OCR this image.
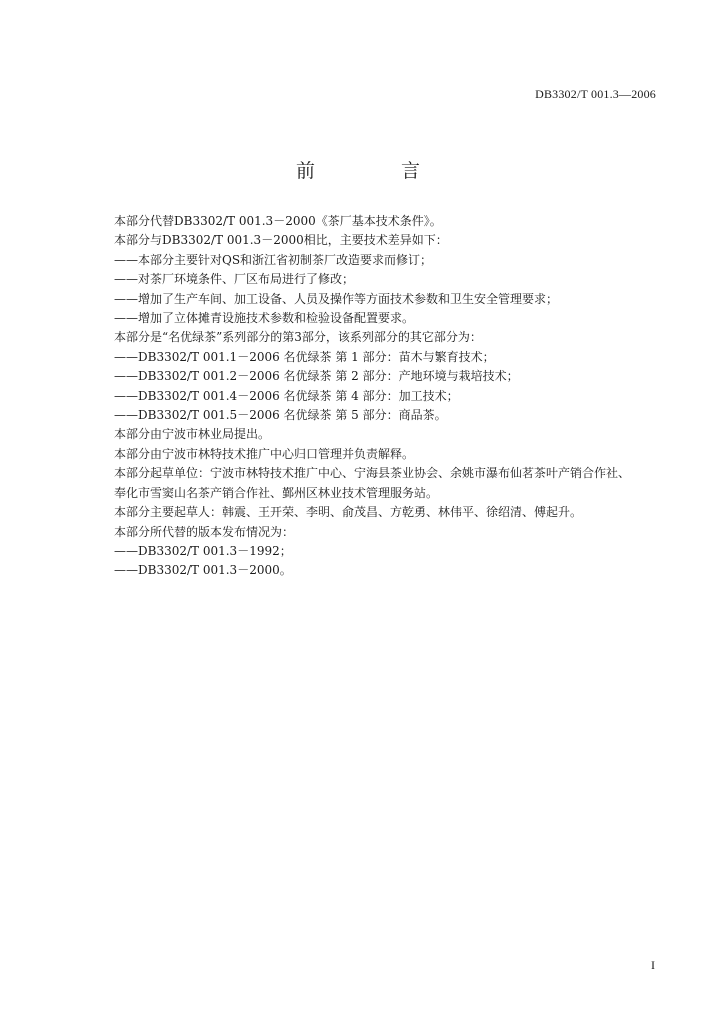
DB3302/T 001.3—2006
前 言
本部分代替DB3302/T 001.3－2000《茶厂基本技术条件》。
本部分与DB3302/T 001.3－2000相比，主要技术差异如下：
——本部分主要针对QS和浙江省初制茶厂改造要求而修订；
——对茶厂环境条件、厂区布局进行了修改；
——增加了生产车间、加工设备、人员及操作等方面技术参数和卫生安全管理要求；
——增加了立体摊青设施技术参数和检验设备配置要求。
本部分是“名优绿茶”系列部分的第3部分，该系列部分的其它部分为：
——DB3302/T 001.1－2006 名优绿茶 第 1 部分：苗木与繁育技术；
——DB3302/T 001.2－2006 名优绿茶 第 2 部分：产地环境与栽培技术；
——DB3302/T 001.4－2006 名优绿茶 第 4 部分：加工技术；
——DB3302/T 001.5－2006 名优绿茶 第 5 部分：商品茶。
本部分由宁波市林业局提出。
本部分由宁波市林特技术推广中心归口管理并负责解释。
本部分起草单位：宁波市林特技术推广中心、宁海县茶业协会、余姚市瀑布仙茗茶叶产销合作社、
奉化市雪窦山名茶产销合作社、鄞州区林业技术管理服务站。
本部分主要起草人：韩震、王开荣、李明、俞茂昌、方乾勇、林伟平、徐绍清、傅起升。
本部分所代替的版本发布情况为：
——DB3302/T 001.3－1992；
——DB3302/T 001.3－2000。
I
